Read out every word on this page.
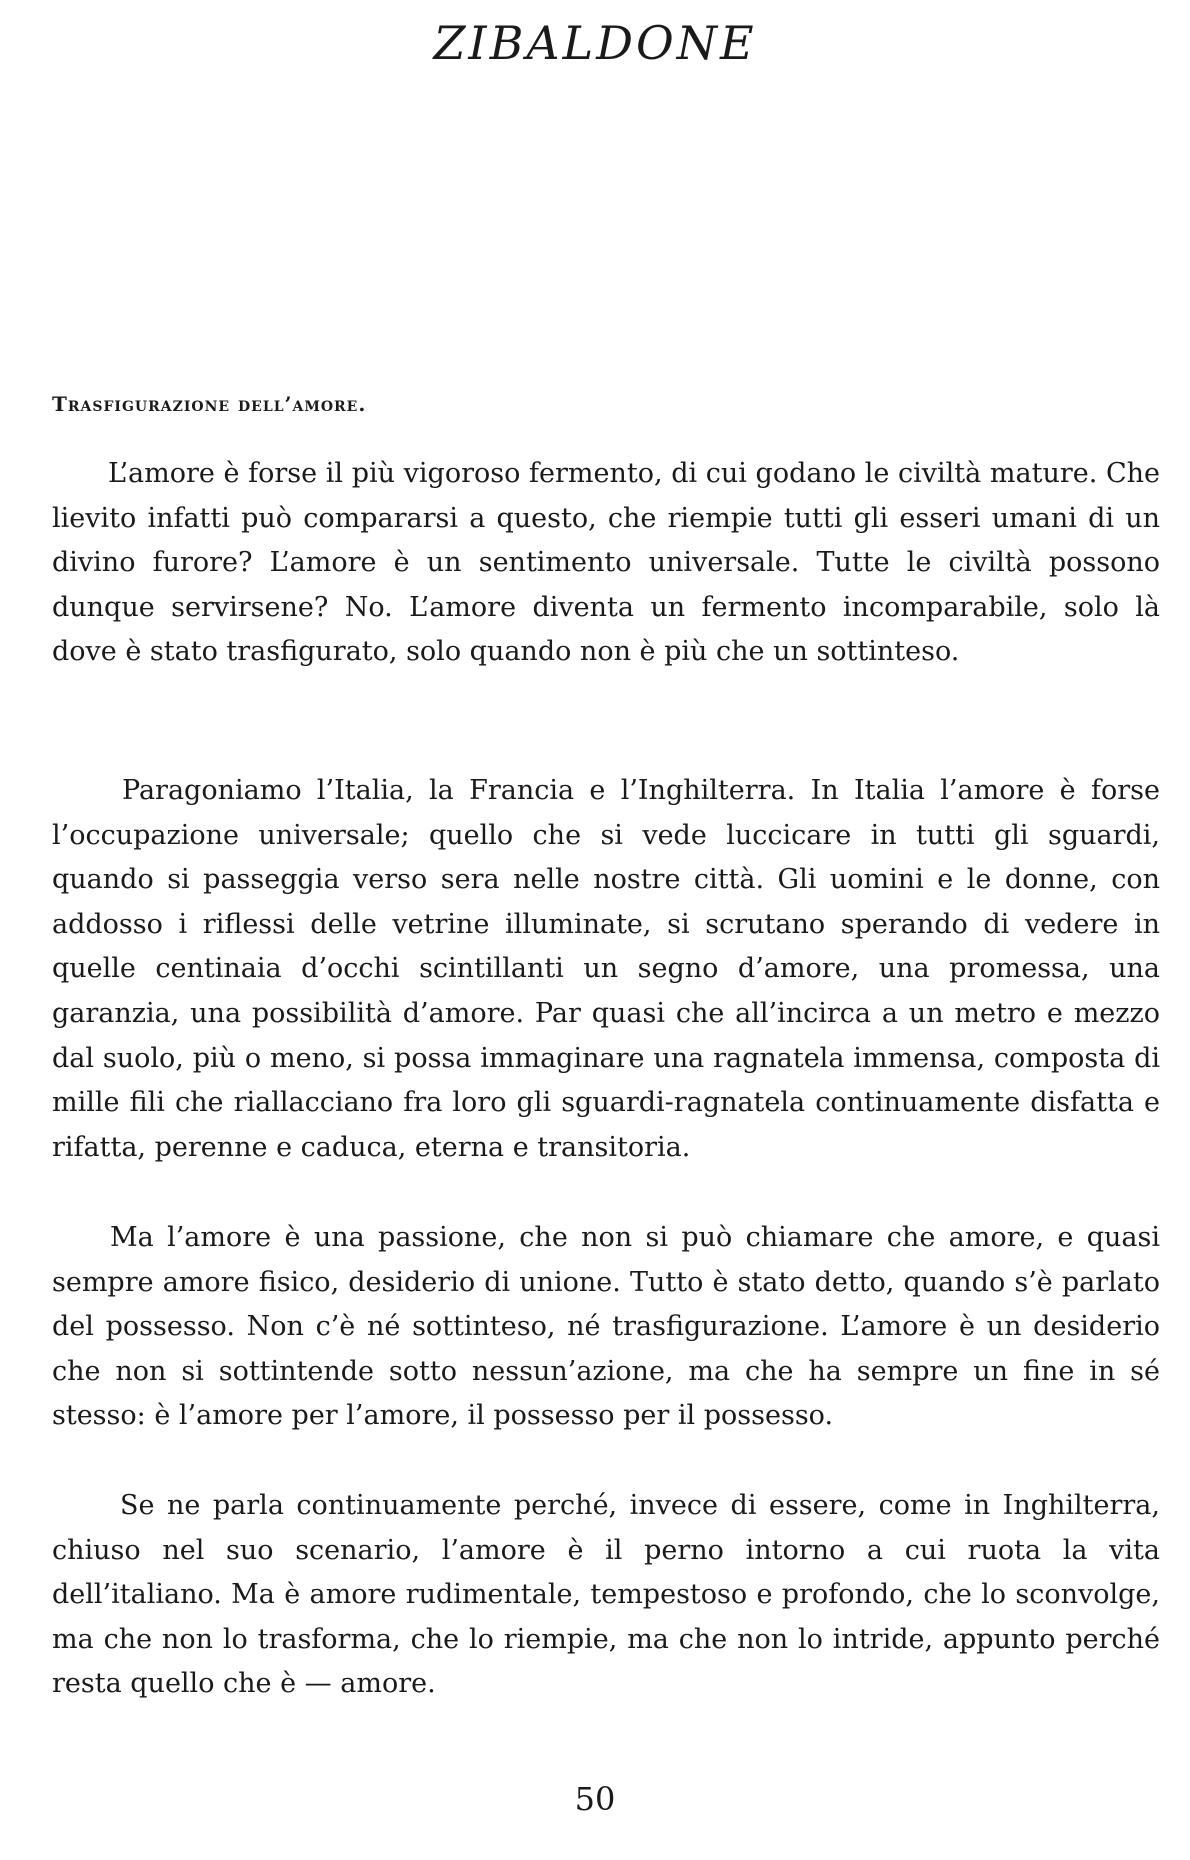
ZIBALDONE
Trasfigurazione dell’amore.

L’amore è forse il più vigoroso fermento, di cui godano le civiltà mature. Che lievito infatti può compararsi a questo, che riempie tutti gli esseri umani di un divino furore? L’amore è un sentimento universale. Tutte le civiltà possono dunque servirsene? No. L’amore diventa un fermento incomparabile, solo là dove è stato trasfigurato, solo quando non è più che un sottinteso.

Paragoniamo l’Italia, la Francia e l’Inghilterra. In Italia l’amore è forse l’occupazione universale; quello che si vede luccicare in tutti gli sguardi, quando si passeggia verso sera nelle nostre città. Gli uomini e le donne, con addosso i riflessi delle vetrine illuminate, si scrutano sperando di vedere in quelle centinaia d’occhi scintillanti un segno d’amore, una promessa, una garanzia, una possibilità d’amore. Par quasi che all’incirca a un metro e mezzo dal suolo, più o meno, si possa immaginare una ragnatela immensa, composta di mille fili che riallacciano fra loro gli sguardi-ragnatela continuamente disfatta e rifatta, perenne e caduca, eterna e transitoria.

Ma l’amore è una passione, che non si può chiamare che amore, e quasi sempre amore fisico, desiderio di unione. Tutto è stato detto, quando s’è parlato del possesso. Non c’è né sottinteso, né trasfigurazione. L’amore è un desiderio che non si sottintende sotto nessun’azione, ma che ha sempre un fine in sé stesso: è l’amore per l’amore, il possesso per il possesso.

Se ne parla continuamente perché, invece di essere, come in Inghilterra, chiuso nel suo scenario, l’amore è il perno intorno a cui ruota la vita dell’italiano. Ma è amore rudimentale, tempestoso e profondo, che lo sconvolge, ma che non lo trasforma, che lo riempie, ma che non lo intride, appunto perché resta quello che è — amore.

50
